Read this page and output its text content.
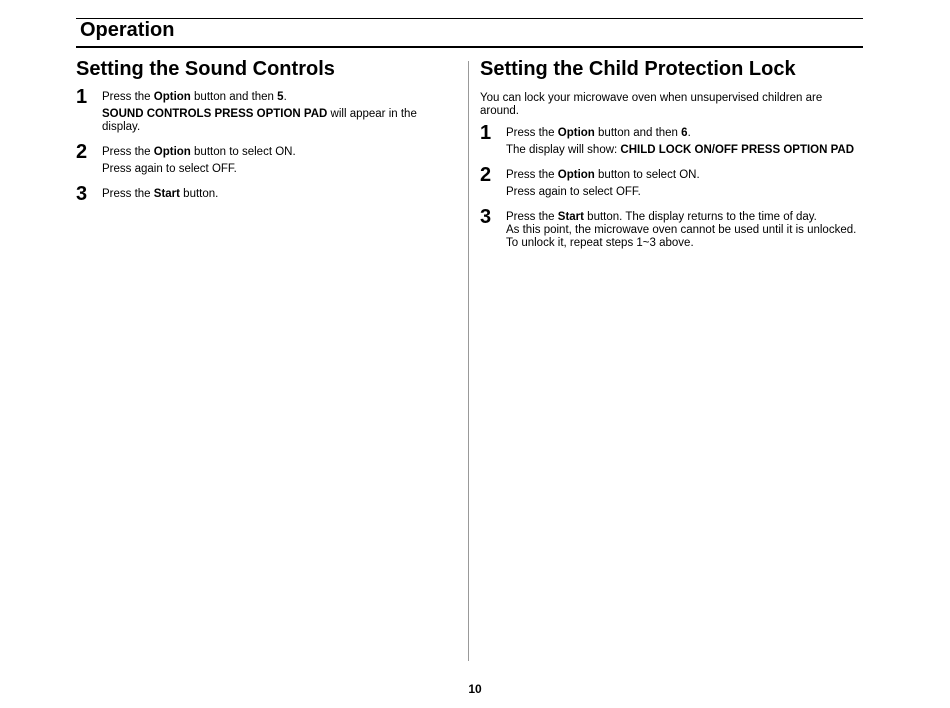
Operation
Setting the Sound Controls
1 Press the Option button and then 5.

SOUND CONTROLS PRESS OPTION PAD will appear in the display.

2 Press the Option button to select ON.

Press again to select OFF.

3 Press the Start button.

Setting the Child Protection Lock

You can lock your microwave oven when unsupervised children are around.

1 Press the Option button and then 6.

The display will show: CHILD LOCK ON/OFF PRESS OPTION PAD

2 Press the Option button to select ON.

Press again to select OFF.

3 Press the Start button. The display returns to the time of day.

As this point, the microwave oven cannot be used until it is unlocked.

To unlock it, repeat steps 1~3 above.

10
